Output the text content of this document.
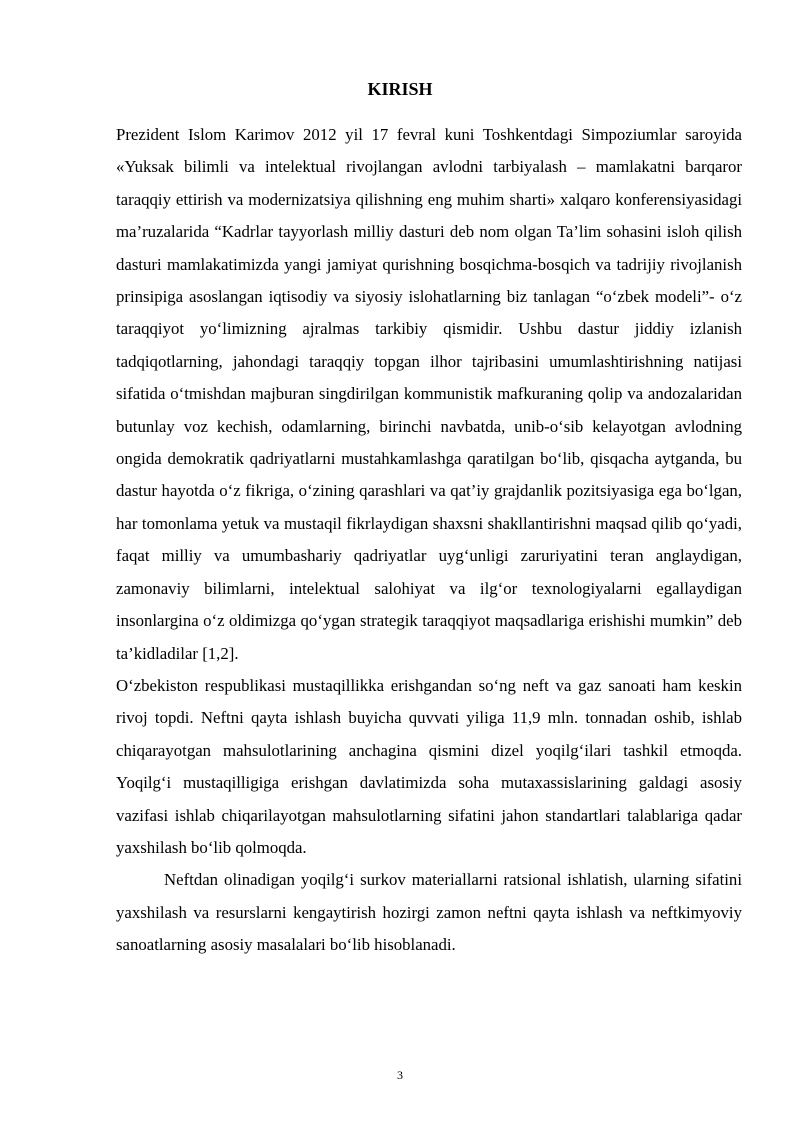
KIRISH

Prezident Islom Karimov 2012 yil 17 fevral kuni Toshkentdagi Simpoziumlar saroyida «Yuksak bilimli va intelektual rivojlangan avlodni tarbiyalash – mamlakatni barqaror taraqqiy ettirish va modernizatsiya qilishning eng muhim sharti» xalqaro konferensiyasidagi ma’ruzalarida “Kadrlar tayyorlash milliy dasturi deb nom olgan Ta’lim sohasini isloh qilish dasturi mamlakatimizda yangi jamiyat qurishning bosqichma-bosqich va tadrijiy rivojlanish prinsipiga asoslangan iqtisodiy va siyosiy islohatlarning biz tanlagan “o‘zbek modeli”- o‘z taraqqiyot yo‘limizning ajralmas tarkibiy qismidir. Ushbu dastur jiddiy izlanish tadqiqotlarning, jahondagi taraqqiy topgan ilhor tajribasini umumlashtirishning natijasi sifatida o‘tmishdan majburan singdirilgan kommunistik mafkuraning qolip va andozalaridan butunlay voz kechish, odamlarning, birinchi navbatda, unib-o‘sib kelayotgan avlodning ongida demokratik qadriyatlarni mustahkamlashga qaratilgan bo‘lib, qisqacha aytganda, bu dastur hayotda o‘z fikriga, o‘zining qarashlari va qat’iy grajdanlik pozitsiyasiga ega bo‘lgan, har tomonlama yetuk va mustaqil fikrlaydigan shaxsni shakllantirishni maqsad qilib qo‘yadi, faqat milliy va umumbashariy qadriyatlar uyg‘unligi zaruriyatini teran anglaydigan, zamonaviy bilimlarni, intelektual salohiyat va ilg‘or texnologiyalarni egallaydigan insonlargina o‘z oldimizga qo‘ygan strategik taraqqiyot maqsadlariga erishishi mumkin” deb ta’kidladilar [1,2].

O‘zbekiston respublikasi mustaqillikka erishgandan so‘ng neft va gaz sanoati ham keskin rivoj topdi. Neftni qayta ishlash buyicha quvvati yiliga 11,9 mln. tonnadan oshib, ishlab chiqarayotgan mahsulotlarining anchagina qismini dizel yoqilg‘ilari tashkil etmoqda. Yoqilg‘i mustaqilligiga erishgan davlatimizda soha mutaxassislarining galdagi asosiy vazifasi ishlab chiqarilayotgan mahsulotlarning sifatini jahon standartlari talablariga qadar yaxshilash bo‘lib qolmoqda.

Neftdan olinadigan yoqilg‘i surkov materiallarni ratsional ishlatish, ularning sifatini yaxshilash va resurslarni kengaytirish hozirgi zamon neftni qayta ishlash va neftkimyoviy sanoatlarning asosiy masalalari bo‘lib hisoblanadi.

3
